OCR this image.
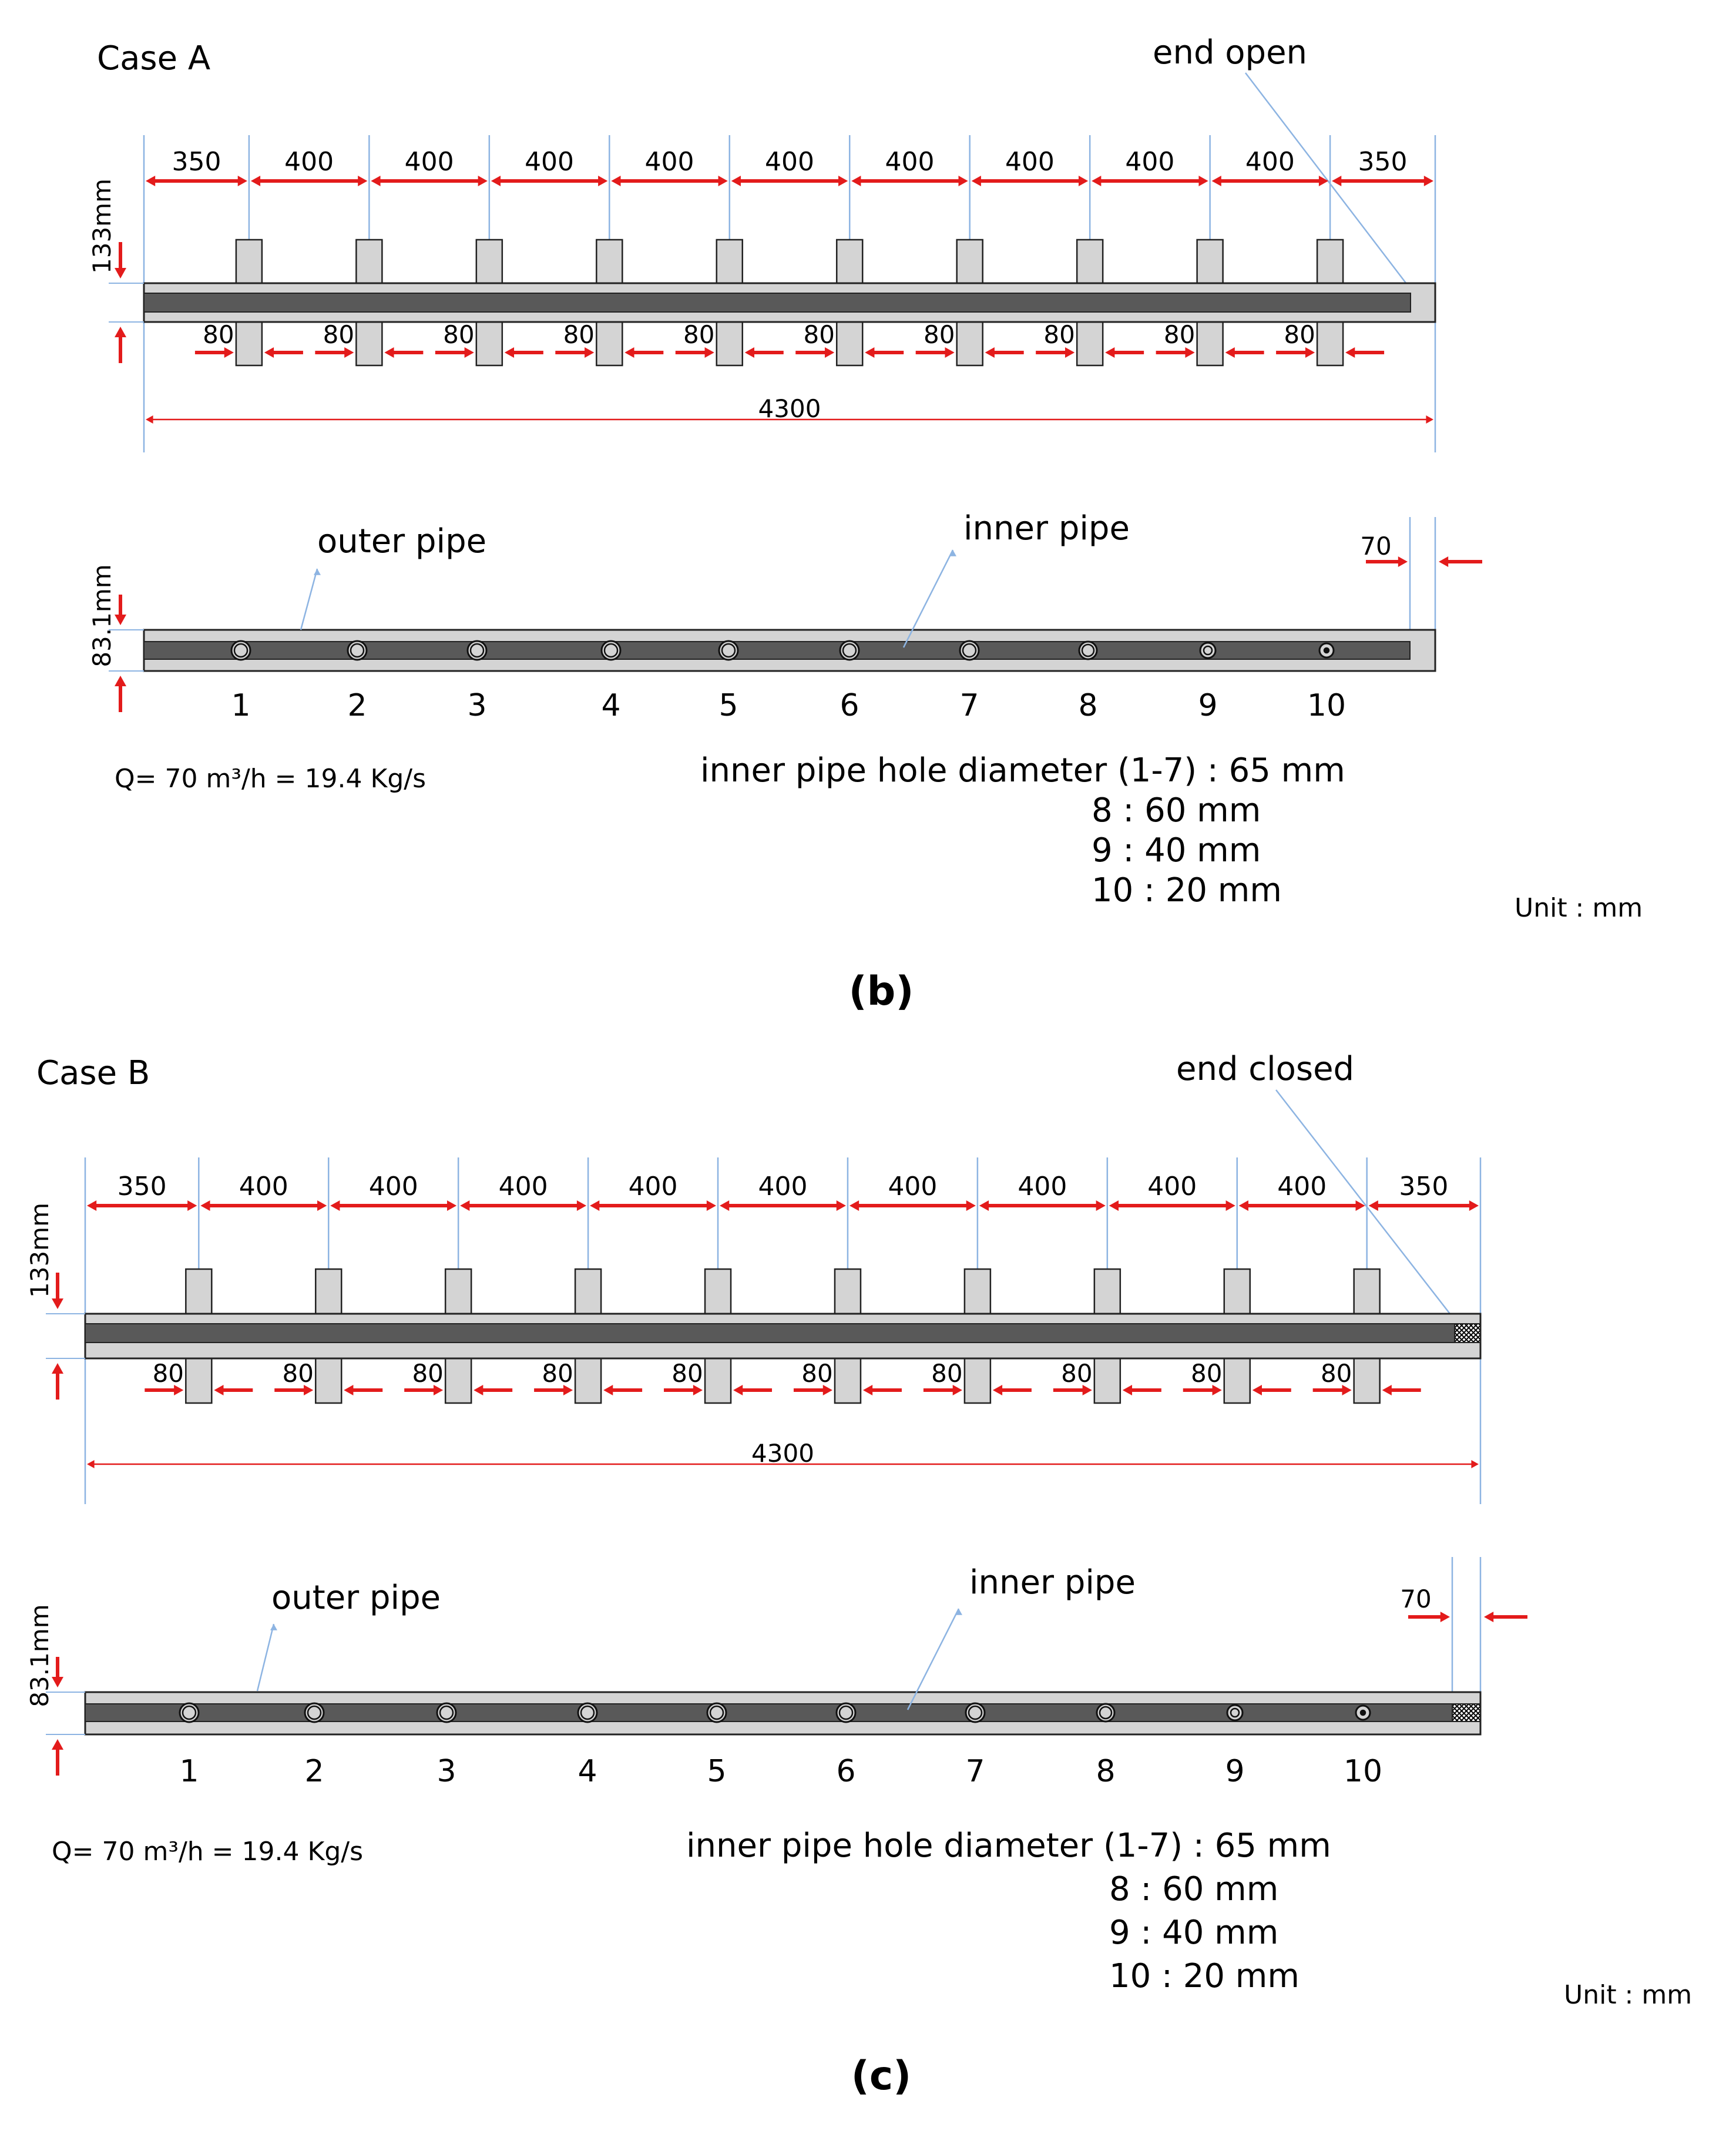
Case A	end open
350 400	400	400	400	400	400	400	400	400 350
133mm
80	80	80	80	80	80	80	80	80	80
4300
70
1	2	3	4	5	6	7	8	9	10
83.1mm
outer pipe	inner pipe
Q= 70 m³/h = 19.4 Kg/s	inner pipe hole diameter (1-7) : 65 mm
8 : 60 mm
9 : 40 mm
10 : 20 mm	Unit : mm
(b)
Case B	end closed
350	400	400	400	400	400	400	400	400	400	350
133mm
80	80	80	80	80	80	80	80	80	80
4300
70
1	2	3	4	5	6	7	8	9	10
83.1mm
outer pipe	inner pipe
Q= 70 m³/h = 19.4 Kg/s	inner pipe hole diameter (1-7) : 65 mm
8 : 60 mm
9 : 40 mm
10 : 20 mm	Unit : mm
(c)
